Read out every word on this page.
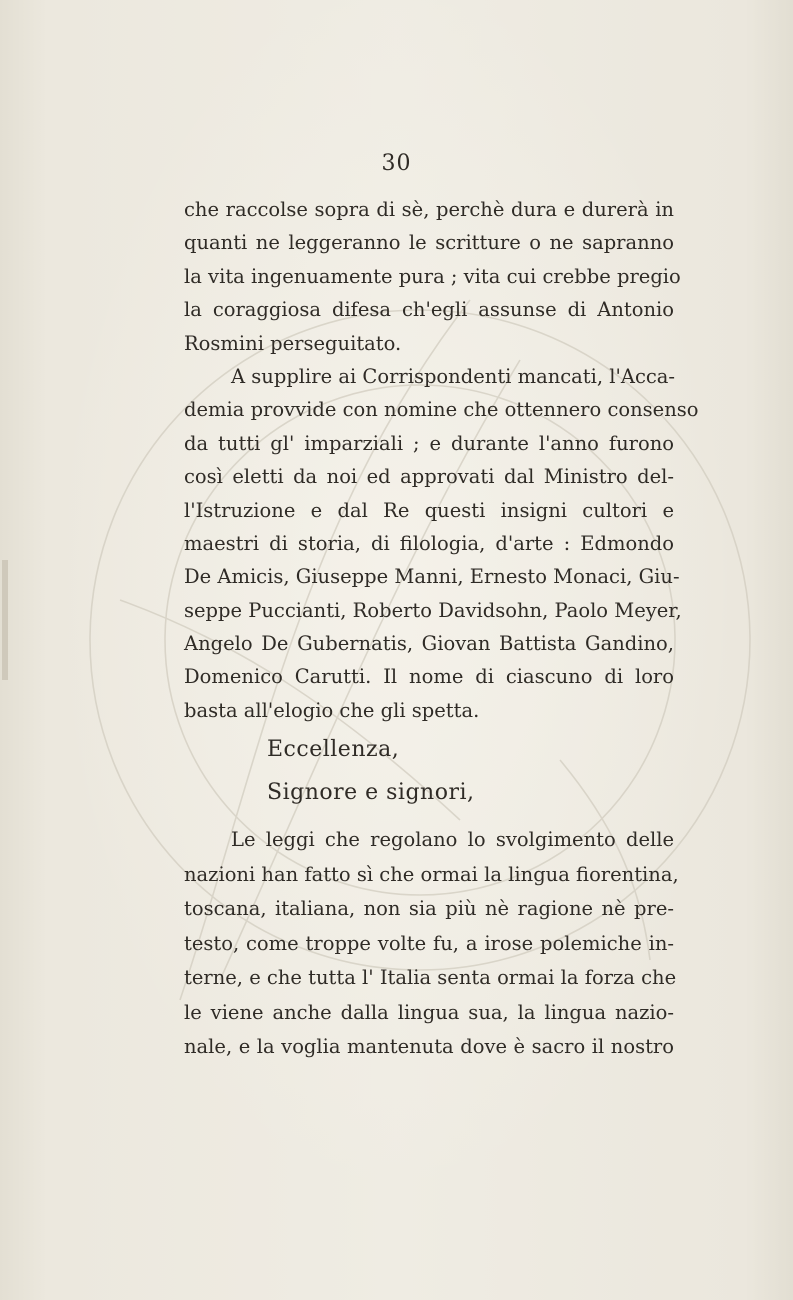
30
che raccolse sopra di sè, perchè dura e durerà in
quanti ne leggeranno le scritture o ne sapranno
la vita ingenuamente pura ; vita cui crebbe pregio
la coraggiosa difesa ch'egli assunse di Antonio
Rosmini perseguitato.
A supplire ai Corrispondenti mancati, l'Acca-
demia provvide con nomine che ottennero consenso
da tutti gl' imparziali ; e durante l'anno furono
così eletti da noi ed approvati dal Ministro del-
l'Istruzione e dal Re questi insigni cultori e
maestri di storia, di filologia, d'arte : Edmondo
De Amicis, Giuseppe Manni, Ernesto Monaci, Giu-
seppe Puccianti, Roberto Davidsohn, Paolo Meyer,
Angelo De Gubernatis, Giovan Battista Gandino,
Domenico Carutti. Il nome di ciascuno di loro
basta all'elogio che gli spetta.
Eccellenza,
Signore e signori,
Le leggi che regolano lo svolgimento delle
nazioni han fatto sì che ormai la lingua fiorentina,
toscana, italiana, non sia più nè ragione nè pre-
testo, come troppe volte fu, a irose polemiche in-
terne, e che tutta l' Italia senta ormai la forza che
le viene anche dalla lingua sua, la lingua nazio-
nale, e la voglia mantenuta dove è sacro il nostro
